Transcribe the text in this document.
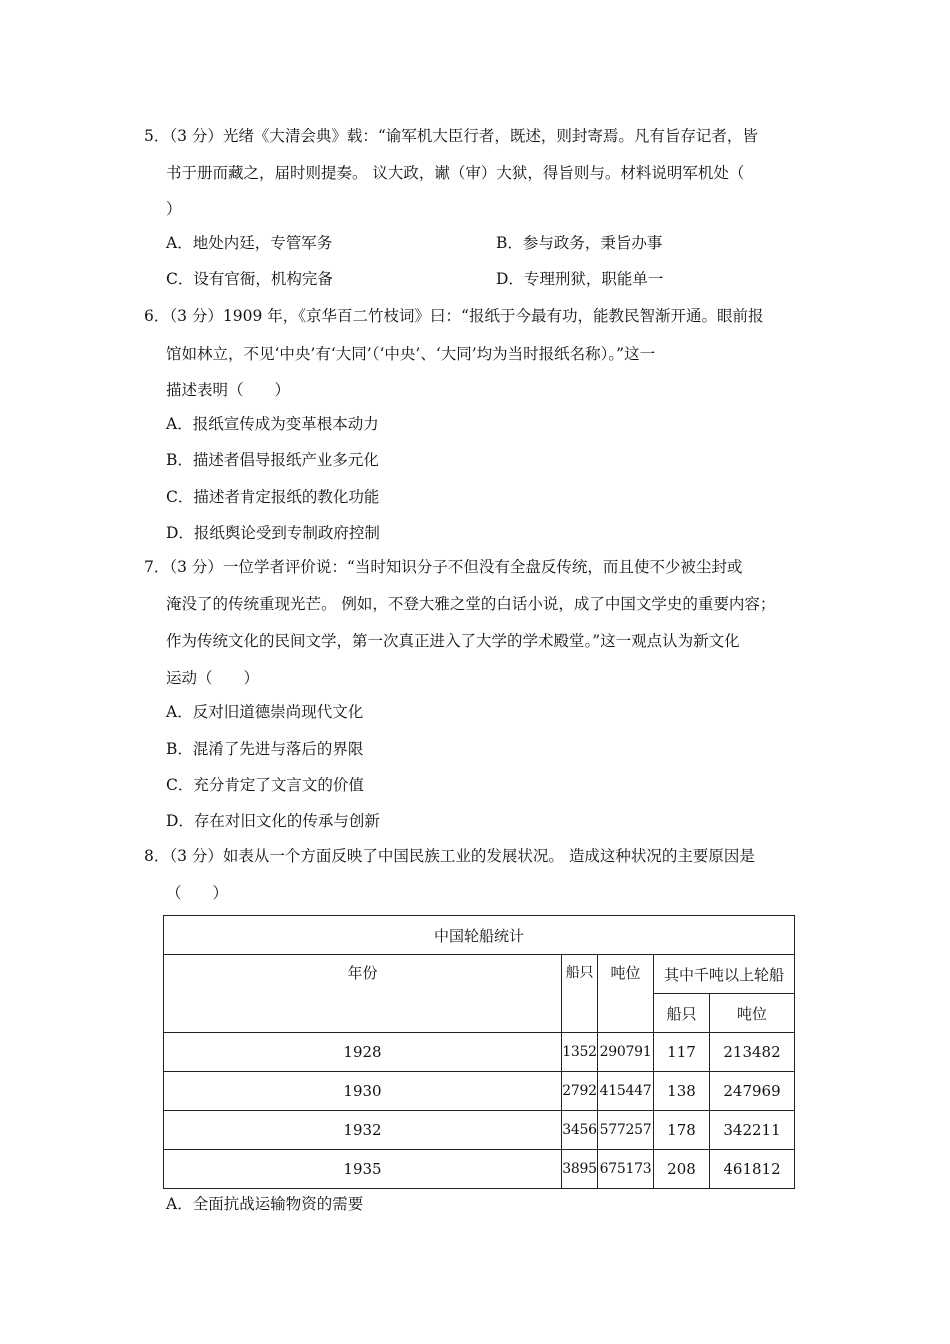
5．（3 分）光绪《大清会典》载：“谕军机大臣行者，既述，则封寄焉。凡有旨存记者，皆
书于册而藏之，届时则提奏。 议大政，谳（审）大狱，得旨则与。材料说明军机处（
）
A．地处内廷，专管军务	B．参与政务，秉旨办事
C．设有官衙，机构完备	D．专理刑狱，职能单一
6．（3 分）1909 年，《京华百二竹枝词》曰：“报纸于今最有功，能教民智渐开通。眼前报
馆如林立，不见‘中央’有‘大同’（‘中央’、‘大同’均为当时报纸名称）。”这一
描述表明（　　）
A．报纸宣传成为变革根本动力
B．描述者倡导报纸产业多元化
C．描述者肯定报纸的教化功能
D．报纸舆论受到专制政府控制
7．（3 分）一位学者评价说：“当时知识分子不但没有全盘反传统，而且使不少被尘封或
淹没了的传统重现光芒。 例如，不登大雅之堂的白话小说，成了中国文学史的重要内容；
作为传统文化的民间文学，第一次真正进入了大学的学术殿堂。”这一观点认为新文化
运动（　　）
A．反对旧道德崇尚现代文化
B．混淆了先进与落后的界限
C．充分肯定了文言文的价值
D．存在对旧文化的传承与创新
8．（3 分）如表从一个方面反映了中国民族工业的发展状况。 造成这种状况的主要原因是
（　　）
中国轮船统计				
年份	船只	吨位	其中千吨以上轮船	
			船只	吨位
1928	1352	290791	117	213482
1930	2792	415447	138	247969
1932	3456	577257	178	342211
1935	3895	675173	208	461812
A．全面抗战运输物资的需要
